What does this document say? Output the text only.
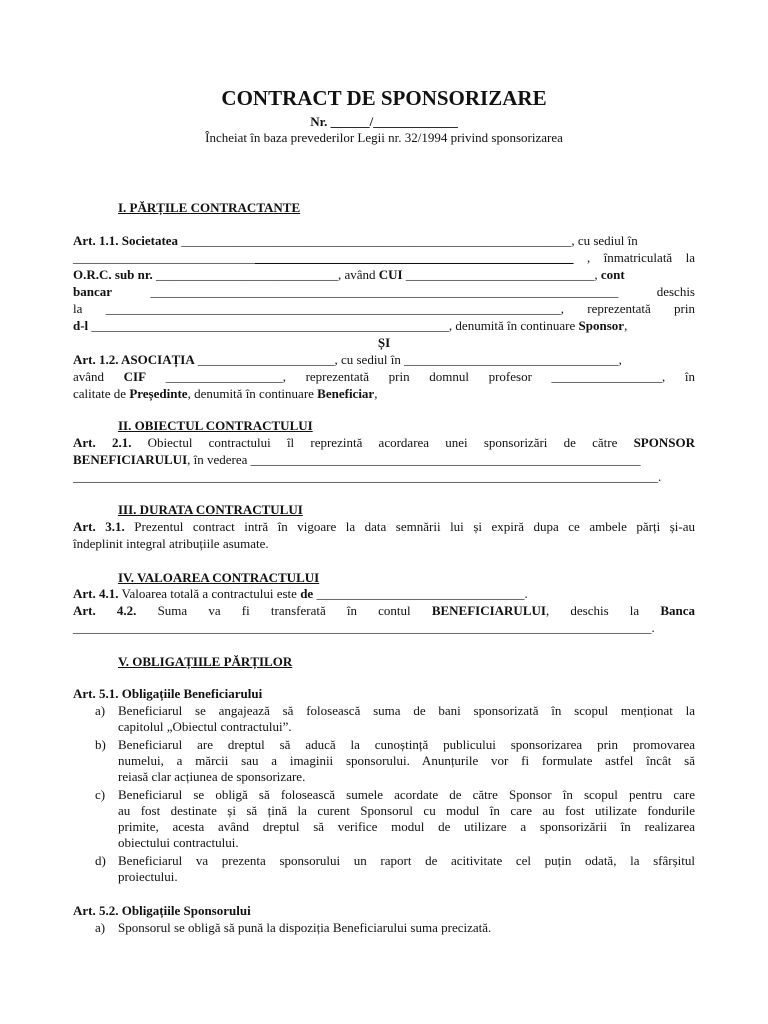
CONTRACT DE SPONSORIZARE
Nr. ______/_____________
Încheiat în baza prevederilor Legii nr. 32/1994 privind sponsorizarea
I. PĂRȚILE CONTRACTANTE
Art. 1.1. Societatea ____________________________________________________________, cu sediul în
_____________________________________________________________________________ , înmatriculată la
O.R.C. sub nr. ____________________________, având CUI _____________________________, cont
bancar	________________________________________________________________________	deschis
la ______________________________________________________________________, reprezentată prin
d-l _______________________________________________________, denumită în continuare Sponsor,
ȘI
Art. 1.2. ASOCIAȚIA _____________________, cu sediul în _________________________________,
având CIF __________________, reprezentată prin domnul profesor _________________, în
calitate de Președinte, denumită în continuare Beneficiar,
II. OBIECTUL CONTRACTULUI
Art. 2.1. Obiectul contractului îl reprezintă acordarea unei sponsorizări de către SPONSOR
BENEFICIARULUI, în vederea ____________________________________________________________
__________________________________________________________________________________________.
III. DURATA CONTRACTULUI
Art. 3.1. Prezentul contract intră în vigoare la data semnării lui și expiră dupa ce ambele părți și-au
îndeplinit integral atribuțiile asumate.
IV. VALOAREA CONTRACTULUI
Art. 4.1. Valoarea totală a contractului este de ________________________________.
Art. 4.2. Suma va fi transferată în contul BENEFICIARULUI, deschis la Banca
_________________________________________________________________________________________.
V. OBLIGAȚIILE PĂRȚILOR
Art. 5.1. Obligațiile Beneficiarului
a) Beneficiarul se angajează să folosească suma de bani sponsorizată în scopul menționat la
capitolul „Obiectul contractului”.
b) Beneficiarul are dreptul să aducă la cunoștință publicului sponsorizarea prin promovarea
numelui, a mărcii sau a imaginii sponsorului. Anunțurile vor fi formulate astfel încât să
reiasă clar acțiunea de sponsorizare.
c) Beneficiarul se obligă să folosească sumele acordate de către Sponsor în scopul pentru care
au fost destinate și să țină la curent Sponsorul cu modul în care au fost utilizate fondurile
primite, acesta având dreptul să verifice modul de utilizare a sponsorizării în realizarea
obiectului contractului.
d) Beneficiarul va prezenta sponsorului un raport de acitivitate cel puțin odată, la sfârșitul
proiectului.
Art. 5.2. Obligațiile Sponsorului
a) Sponsorul se obligă să pună la dispoziția Beneficiarului suma precizată.
